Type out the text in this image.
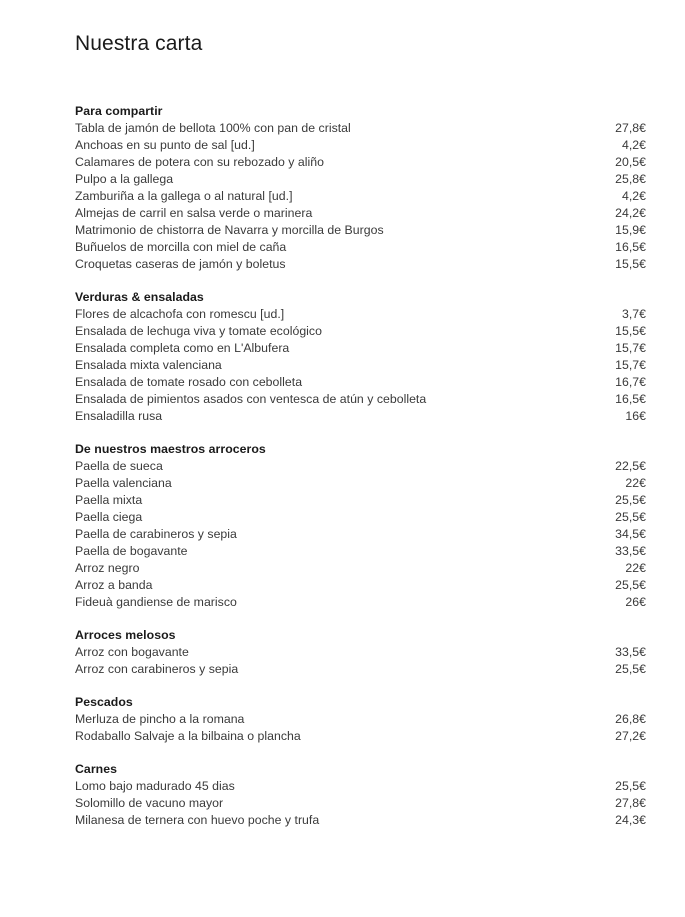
Nuestra carta
Para compartir
Tabla de jamón de bellota 100% con pan de cristal	27,8€
Anchoas en su punto de sal [ud.]	4,2€
Calamares de potera con su rebozado y aliño	20,5€
Pulpo a la gallega	25,8€
Zamburiña a la gallega o al natural [ud.]	4,2€
Almejas de carril en salsa verde o marinera	24,2€
Matrimonio de chistorra de Navarra y morcilla de Burgos	15,9€
Buñuelos de morcilla con miel de caña	16,5€
Croquetas caseras de jamón y boletus	15,5€
Verduras & ensaladas
Flores de alcachofa con romescu [ud.]	3,7€
Ensalada de lechuga viva y tomate ecológico	15,5€
Ensalada completa como en L'Albufera	15,7€
Ensalada mixta valenciana	15,7€
Ensalada de tomate rosado con cebolleta	16,7€
Ensalada de pimientos asados con ventesca de atún y cebolleta	16,5€
Ensaladilla rusa	16€
De nuestros maestros arroceros
Paella de sueca	22,5€
Paella valenciana	22€
Paella mixta	25,5€
Paella ciega	25,5€
Paella de carabineros y sepia	34,5€
Paella de bogavante	33,5€
Arroz negro	22€
Arroz a banda	25,5€
Fideuà gandiense de marisco	26€
Arroces melosos
Arroz con bogavante	33,5€
Arroz con carabineros y sepia	25,5€
Pescados
Merluza de pincho a la romana	26,8€
Rodaballo Salvaje a la bilbaina o plancha	27,2€
Carnes
Lomo bajo madurado 45 dias	25,5€
Solomillo de vacuno mayor	27,8€
Milanesa de ternera con huevo poche y trufa	24,3€
